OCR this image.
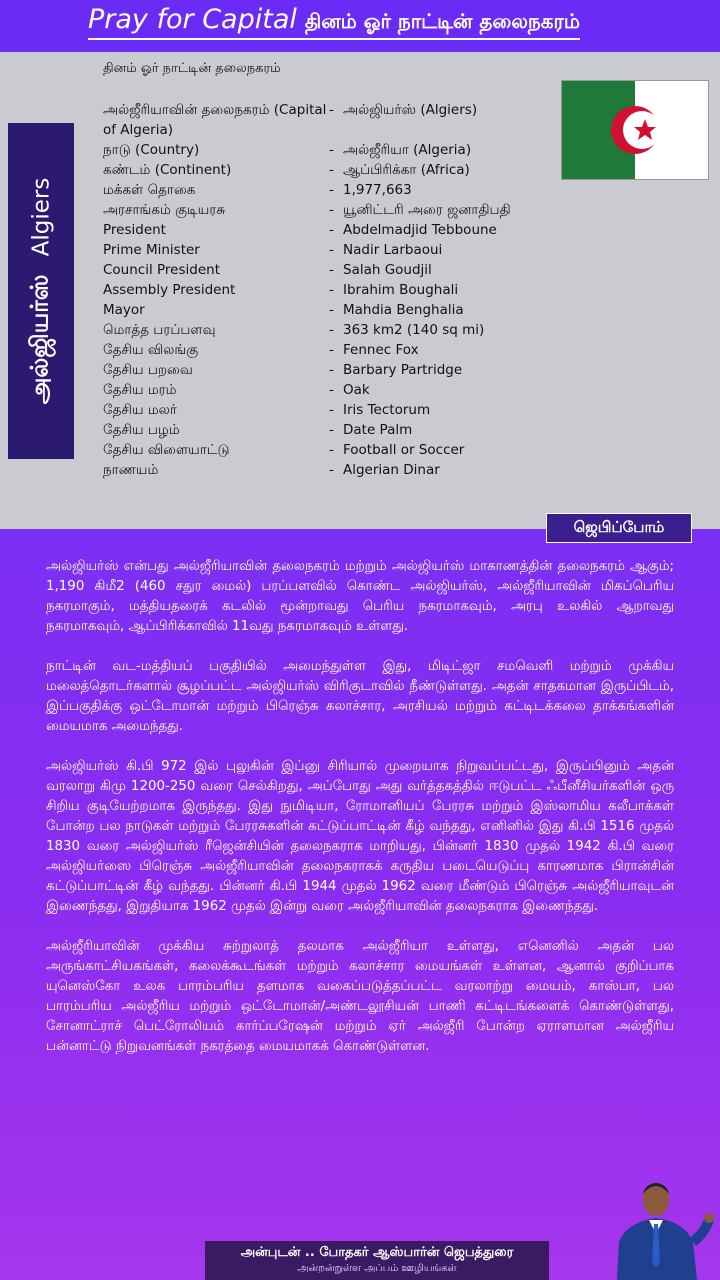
Pray for Capital தினம் ஓர் நாட்டின் தலைநகரம்
தினம் ஓர் நாட்டின் தலைநகரம்
அல்ஜியர்ஸ்
Algiers
அல்ஜீரியாவின் தலைநகரம் (Capital of Algeria)
- அல்ஜியர்ஸ் (Algiers)
நாடு (Country)	- அல்ஜீரியா (Algeria)
கண்டம் (Continent)	- ஆப்பிரிக்கா (Africa)
மக்கள் தொகை	- 1,977,663
அரசாங்கம் குடியரசு	- யூனிட்டரி அரை ஜனாதிபதி
President	- Abdelmadjid Tebboune
Prime Minister	- Nadir Larbaoui
Council President	- Salah Goudjil
Assembly President	- Ibrahim Boughali
Mayor	- Mahdia Benghalia
மொத்த பரப்பளவு	- 363 km2 (140 sq mi)
தேசிய விலங்கு	- Fennec Fox
தேசிய பறவை	- Barbary Partridge
தேசிய மரம்	- Oak
தேசிய மலர்	- Iris Tectorum
தேசிய பழம்	- Date Palm
தேசிய விளையாட்டு	- Football or Soccer
நாணயம்	- Algerian Dinar

அல்ஜியர்ஸ் என்பது அல்ஜீரியாவின் தலைநகரம் மற்றும் அல்ஜியர்ஸ் மாகாணத்தின் தலைநகரம் ஆகும்; 1,190 கிமீ2 (460 சதுர மைல்) பரப்பளவில் கொண்ட அல்ஜியர்ஸ், அல்ஜீரியாவின் மிகப்பெரிய நகரமாகும், மத்தியதரைக் கடலில் மூன்றாவது பெரிய நகரமாகவும், அரபு உலகில் ஆறாவது நகரமாகவும், ஆப்பிரிக்காவில் 11வது நகரமாகவும் உள்ளது.

நாட்டின் வட-மத்தியப் பகுதியில் அமைந்துள்ள இது, மிடிட்ஜா சமவெளி மற்றும் முக்கிய மலைத்தொடர்களால் சூழப்பட்ட அல்ஜியர்ஸ் விரிகுடாவில் நீண்டுள்ளது. அதன் சாதகமான இருப்பிடம், இப்பகுதிக்கு ஒட்டோமான் மற்றும் பிரெஞ்சு கலாச்சார, அரசியல் மற்றும் கட்டிடக்கலை தாக்கங்களின் மையமாக அமைந்தது.

அல்ஜியர்ஸ் கி.பி 972 இல் புலுகின் இப்னு சிரியால் முறையாக நிறுவப்பட்டது, இருப்பினும் அதன் வரலாறு கிமு 1200-250 வரை செல்கிறது, அப்போது அது வர்த்தகத்தில் ஈடுபட்ட ஃபீனீசியர்களின் ஒரு சிறிய குடியேற்றமாக இருந்தது. இது நுமிடியா, ரோமானியப் பேரரசு மற்றும் இஸ்லாமிய கலீபாக்கள் போன்ற பல நாடுகள் மற்றும் பேரரசுகளின் கட்டுப்பாட்டின் கீழ் வந்தது, எனினில் இது கி.பி 1516 முதல் 1830 வரை அல்ஜியர்ஸ் ரீஜென்சியின் தலைநகராக மாறியது, பின்னர் 1830 முதல் 1942 கி.பி வரை அல்ஜியர்ஸை பிரெஞ்சு அல்ஜீரியாவின் தலைநகராகக் கருதிய படையெடுப்பு காரணமாக பிரான்சின் கட்டுப்பாட்டின் கீழ் வந்தது. பின்னர் கி.பி 1944 முதல் 1962 வரை மீண்டும் பிரெஞ்சு அல்ஜீரியாவுடன் இணைந்தது, இறுதியாக 1962 முதல் இன்று வரை அல்ஜீரியாவின் தலைநகராக இணைந்தது.

அல்ஜீரியாவின் முக்கிய சுற்றுலாத் தலமாக அல்ஜீரியா உள்ளது, எனெனில் அதன் பல அருங்காட்சியகங்கள், கலைக்கூடங்கள் மற்றும் கலாச்சார மையங்கள் உள்ளன, ஆனால் குறிப்பாக யுனெஸ்கோ உலக பாரம்பரிய தளமாக வகைப்படுத்தப்பட்ட வரலாற்று மையம், காஸ்பா, பல பாரம்பரிய அல்ஜீரிய மற்றும் ஒட்டோமான்/அண்டலூசியன் பாணி கட்டிடங்களைக் கொண்டுள்ளது, சோனாட்ராச் பெட்ரோலியம் கார்ப்பரேஷன் மற்றும் ஏர் அல்ஜீரி போன்ற ஏராளமான அல்ஜீரிய பன்னாட்டு நிறுவனங்கள் நகரத்தை மையமாகக் கொண்டுள்ளன.

ஜெபிப்போம்
அன்புடன் .. போதகர் ஆஸ்பார்ன் ஜெபத்துரை
அன்றன்றுள்ள அப்பம் ஊழியங்கள்
